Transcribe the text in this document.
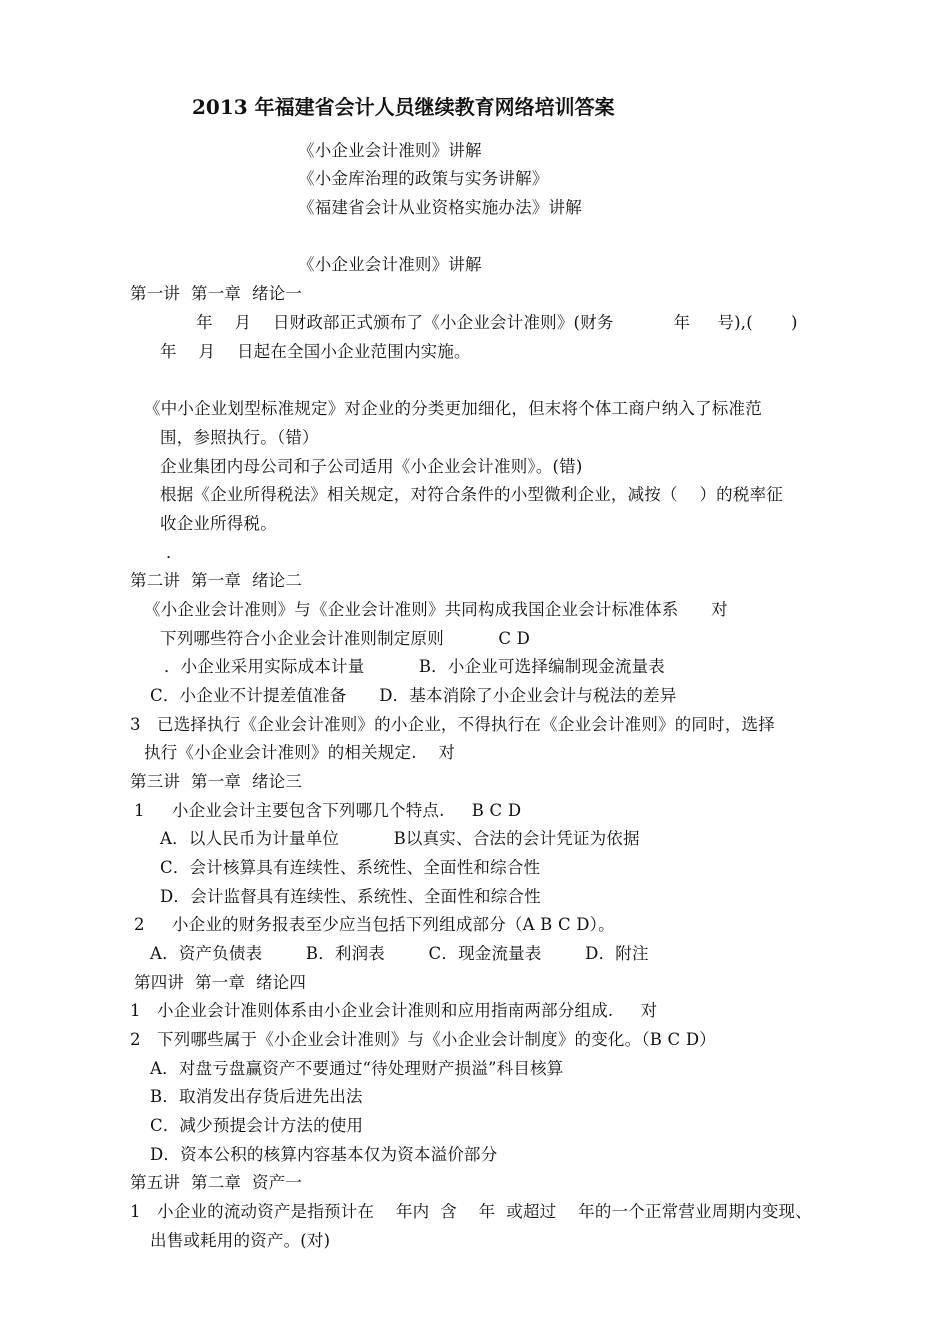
2013 年福建省会计人员继续教育网络培训答案
《小企业会计准则》讲解
《小金库治理的政策与实务讲解》
《福建省会计从业资格实施办法》讲解
《小企业会计准则》讲解
第一讲  第一章  绪论一
年    月    日财政部正式颁布了《小企业会计准则》(财务           年     号),(       )
年    月    日起在全国小企业范围内实施。
《中小企业划型标准规定》对企业的分类更加细化，但末将个体工商户纳入了标准范
围，参照执行。（错）
企业集团内母公司和子公司适用《小企业会计准则》。(错)
根据《企业所得税法》相关规定，对符合条件的小型微利企业，减按（    ）的税率征
收企业所得税。
．
第二讲  第一章  绪论二
《小企业会计准则》与《企业会计准则》共同构成我国企业会计标准体系      对
下列哪些符合小企业会计准则制定原则          C D
．小企业采用实际成本计量          B．小企业可选择编制现金流量表
C．小企业不计提差值准备      D．基本消除了小企业会计与税法的差异
3   已选择执行《企业会计准则》的小企业，不得执行在《企业会计准则》的同时，选择
执行《小企业会计准则》的相关规定.    对
第三讲  第一章  绪论三
1     小企业会计主要包含下列哪几个特点.     B C D
A．以人民币为计量单位          B以真实、合法的会计凭证为依据
C．会计核算具有连续性、系统性、全面性和综合性
D．会计监督具有连续性、系统性、全面性和综合性
2     小企业的财务报表至少应当包括下列组成部分（A B C D）。
A．资产负债表        B．利润表        C．现金流量表        D．附注
第四讲  第一章  绪论四
1   小企业会计准则体系由小企业会计准则和应用指南两部分组成.     对
2   下列哪些属于《小企业会计准则》与《小企业会计制度》的变化。（B C D）
A．对盘亏盘赢资产不要通过“待处理财产损溢”科目核算
B．取消发出存货后进先出法
C．减少预提会计方法的使用
D．资本公积的核算内容基本仅为资本溢价部分
第五讲  第二章  资产一
1   小企业的流动资产是指预计在    年内  含    年  或超过    年的一个正常营业周期内变现、
出售或耗用的资产。(对)
